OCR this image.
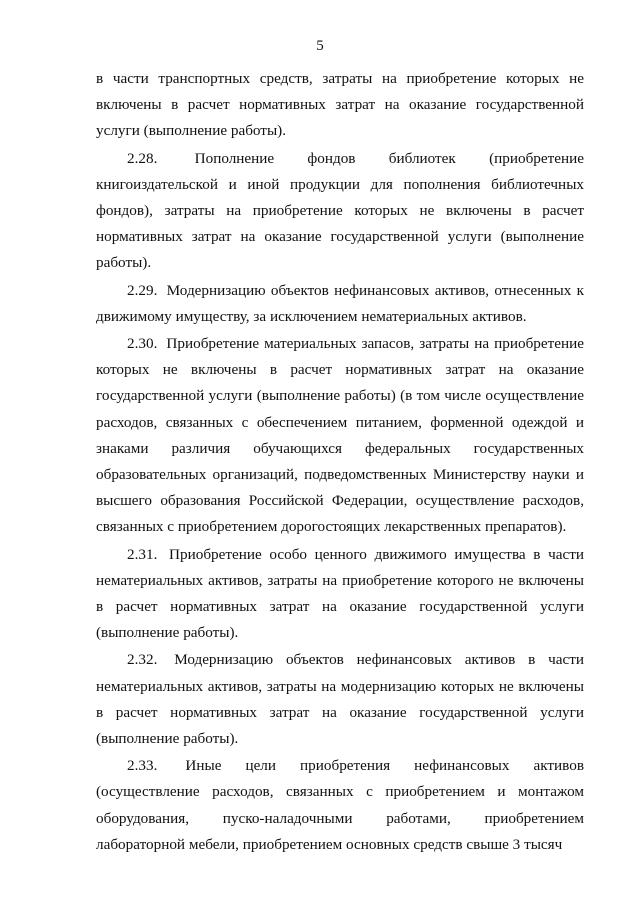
5

в части транспортных средств, затраты на приобретение которых не включены в расчет нормативных затрат на оказание государственной услуги (выполнение работы).

2.28. Пополнение фондов библиотек (приобретение книгоиздательской и иной продукции для пополнения библиотечных фондов), затраты на приобретение которых не включены в расчет нормативных затрат на оказание государственной услуги (выполнение работы).

2.29. Модернизацию объектов нефинансовых активов, отнесенных к движимому имуществу, за исключением нематериальных активов.

2.30. Приобретение материальных запасов, затраты на приобретение которых не включены в расчет нормативных затрат на оказание государственной услуги (выполнение работы) (в том числе осуществление расходов, связанных с обеспечением питанием, форменной одеждой и знаками различия обучающихся федеральных государственных образовательных организаций, подведомственных Министерству науки и высшего образования Российской Федерации, осуществление расходов, связанных с приобретением дорогостоящих лекарственных препаратов).

2.31. Приобретение особо ценного движимого имущества в части нематериальных активов, затраты на приобретение которого не включены в расчет нормативных затрат на оказание государственной услуги (выполнение работы).

2.32. Модернизацию объектов нефинансовых активов в части нематериальных активов, затраты на модернизацию которых не включены в расчет нормативных затрат на оказание государственной услуги (выполнение работы).

2.33. Иные цели приобретения нефинансовых активов (осуществление расходов, связанных с приобретением и монтажом оборудования, пуско-наладочными работами, приобретением лабораторной мебели, приобретением основных средств свыше 3 тысяч
